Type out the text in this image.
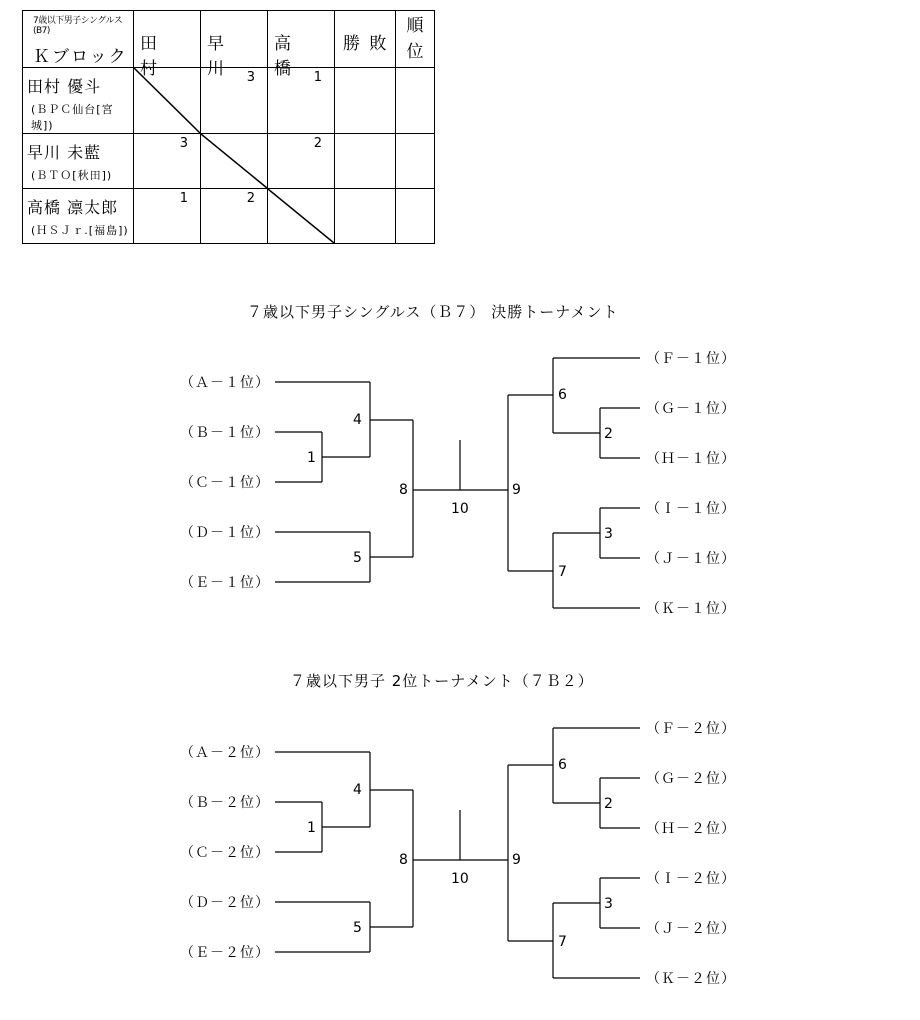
7歳以下男子シングルス(B7)
Ｋブロック	田　村	早　川	高　橋	勝 敗	順
位

田村 優斗
(ＢＰＣ仙台[宮城])		3	1		

早川 未藍
(ＢＴＯ[秋田])	3		2		

高橋 凛太郎
(ＨＳＪｒ.[福島])	1	2

７歳以下男子シングルス（Ｂ７） 決勝トーナメント
（Ａ－１位）
（Ｂ－１位）
（Ｃ－１位）
（Ｄ－１位）
（Ｅ－１位）
（Ｆ－１位）
（Ｇ－１位）
（Ｈ－１位）
（Ｉ－１位）
（Ｊ－１位）
（Ｋ－１位）
1
4
5
8
10
9
6
2
3
7
７歳以下男子 2位トーナメント（７Ｂ２）
（Ａ－２位）
（Ｂ－２位）
（Ｃ－２位）
（Ｄ－２位）
（Ｅ－２位）
（Ｆ－２位）
（Ｇ－２位）
（Ｈ－２位）
（Ｉ－２位）
（Ｊ－２位）
（Ｋ－２位）
1
4
5
8
10
9
6
2
3
7
